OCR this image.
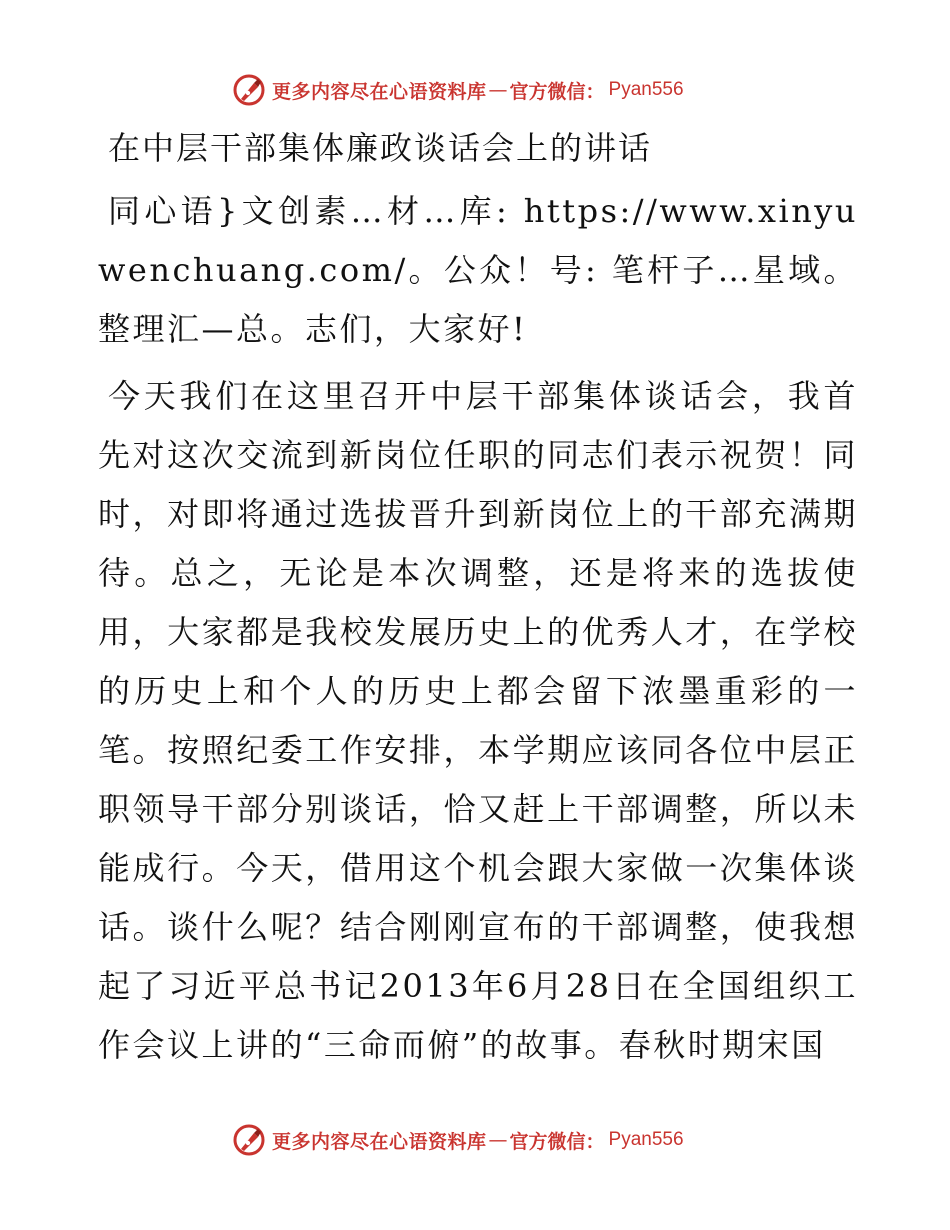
更多内容尽在心语资料库 — 官方微信： Pyan556
在中层干部集体廉政谈话会上的讲话

同心语}文创素…材…库: https://www.xinyuwenchuang.com/。公众！号: 笔杆子…星域。整理汇—总。志们，大家好!

今天我们在这里召开中层干部集体谈话会，我首先对这次交流到新岗位任职的同志们表示祝贺！同时，对即将通过选拔晋升到新岗位上的干部充满期待。总之，无论是本次调整，还是将来的选拔使用，大家都是我校发展历史上的优秀人才，在学校的历史上和个人的历史上都会留下浓墨重彩的一笔。按照纪委工作安排，本学期应该同各位中层正职领导干部分别谈话，恰又赶上干部调整，所以未能成行。今天，借用这个机会跟大家做一次集体谈话。谈什么呢？结合刚刚宣布的干部调整，使我想起了习近平总书记2013年6月28日在全国组织工作会议上讲的“三命而俯”的故事。春秋时期宋国

更多内容尽在心语资料库 — 官方微信： Pyan556
